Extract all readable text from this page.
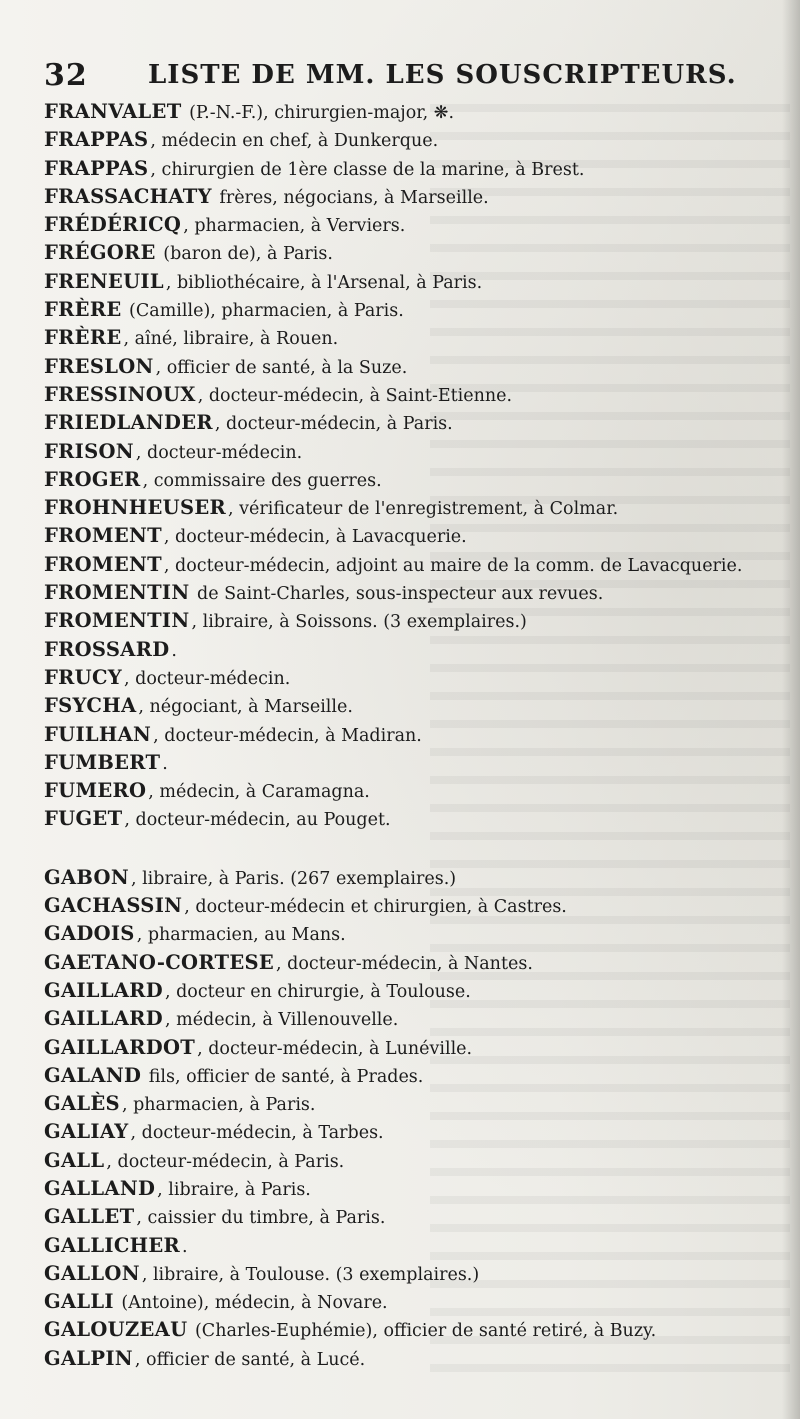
32 LISTE DE MM. LES SOUSCRIPTEURS.
FRANVALET (P.-N.-F.), chirurgien-major, ❋.
FRAPPAS , médecin en chef, à Dunkerque.
FRAPPAS , chirurgien de 1ère classe de la marine, à Brest.
FRASSACHATY frères, négocians, à Marseille.
FRÉDÉRICQ , pharmacien, à Verviers.
FRÉGORE (baron de), à Paris.
FRENEUIL , bibliothécaire, à l'Arsenal, à Paris.
FRÈRE (Camille), pharmacien, à Paris.
FRÈRE , aîné, libraire, à Rouen.
FRESLON , officier de santé, à la Suze.
FRESSINOUX , docteur-médecin, à Saint-Etienne.
FRIEDLANDER , docteur-médecin, à Paris.
FRISON , docteur-médecin.
FROGER , commissaire des guerres.
FROHNHEUSER , vérificateur de l'enregistrement, à Colmar.
FROMENT , docteur-médecin, à Lavacquerie.
FROMENT , docteur-médecin, adjoint au maire de la comm. de Lavacquerie.
FROMENTIN de Saint-Charles, sous-inspecteur aux revues.
FROMENTIN , libraire, à Soissons. (3 exemplaires.)
FROSSARD .
FRUCY , docteur-médecin.
FSYCHA , négociant, à Marseille.
FUILHAN , docteur-médecin, à Madiran.
FUMBERT .
FUMERO , médecin, à Caramagna.
FUGET , docteur-médecin, au Pouget.
GABON , libraire, à Paris. (267 exemplaires.)
GACHASSIN , docteur-médecin et chirurgien, à Castres.
GADOIS , pharmacien, au Mans.
GAETANO-CORTESE , docteur-médecin, à Nantes.
GAILLARD , docteur en chirurgie, à Toulouse.
GAILLARD , médecin, à Villenouvelle.
GAILLARDOT , docteur-médecin, à Lunéville.
GALAND fils, officier de santé, à Prades.
GALÈS , pharmacien, à Paris.
GALIAY , docteur-médecin, à Tarbes.
GALL , docteur-médecin, à Paris.
GALLAND , libraire, à Paris.
GALLET , caissier du timbre, à Paris.
GALLICHER .
GALLON , libraire, à Toulouse. (3 exemplaires.)
GALLI (Antoine), médecin, à Novare.
GALOUZEAU (Charles-Euphémie), officier de santé retiré, à Buzy.
GALPIN , officier de santé, à Lucé.
